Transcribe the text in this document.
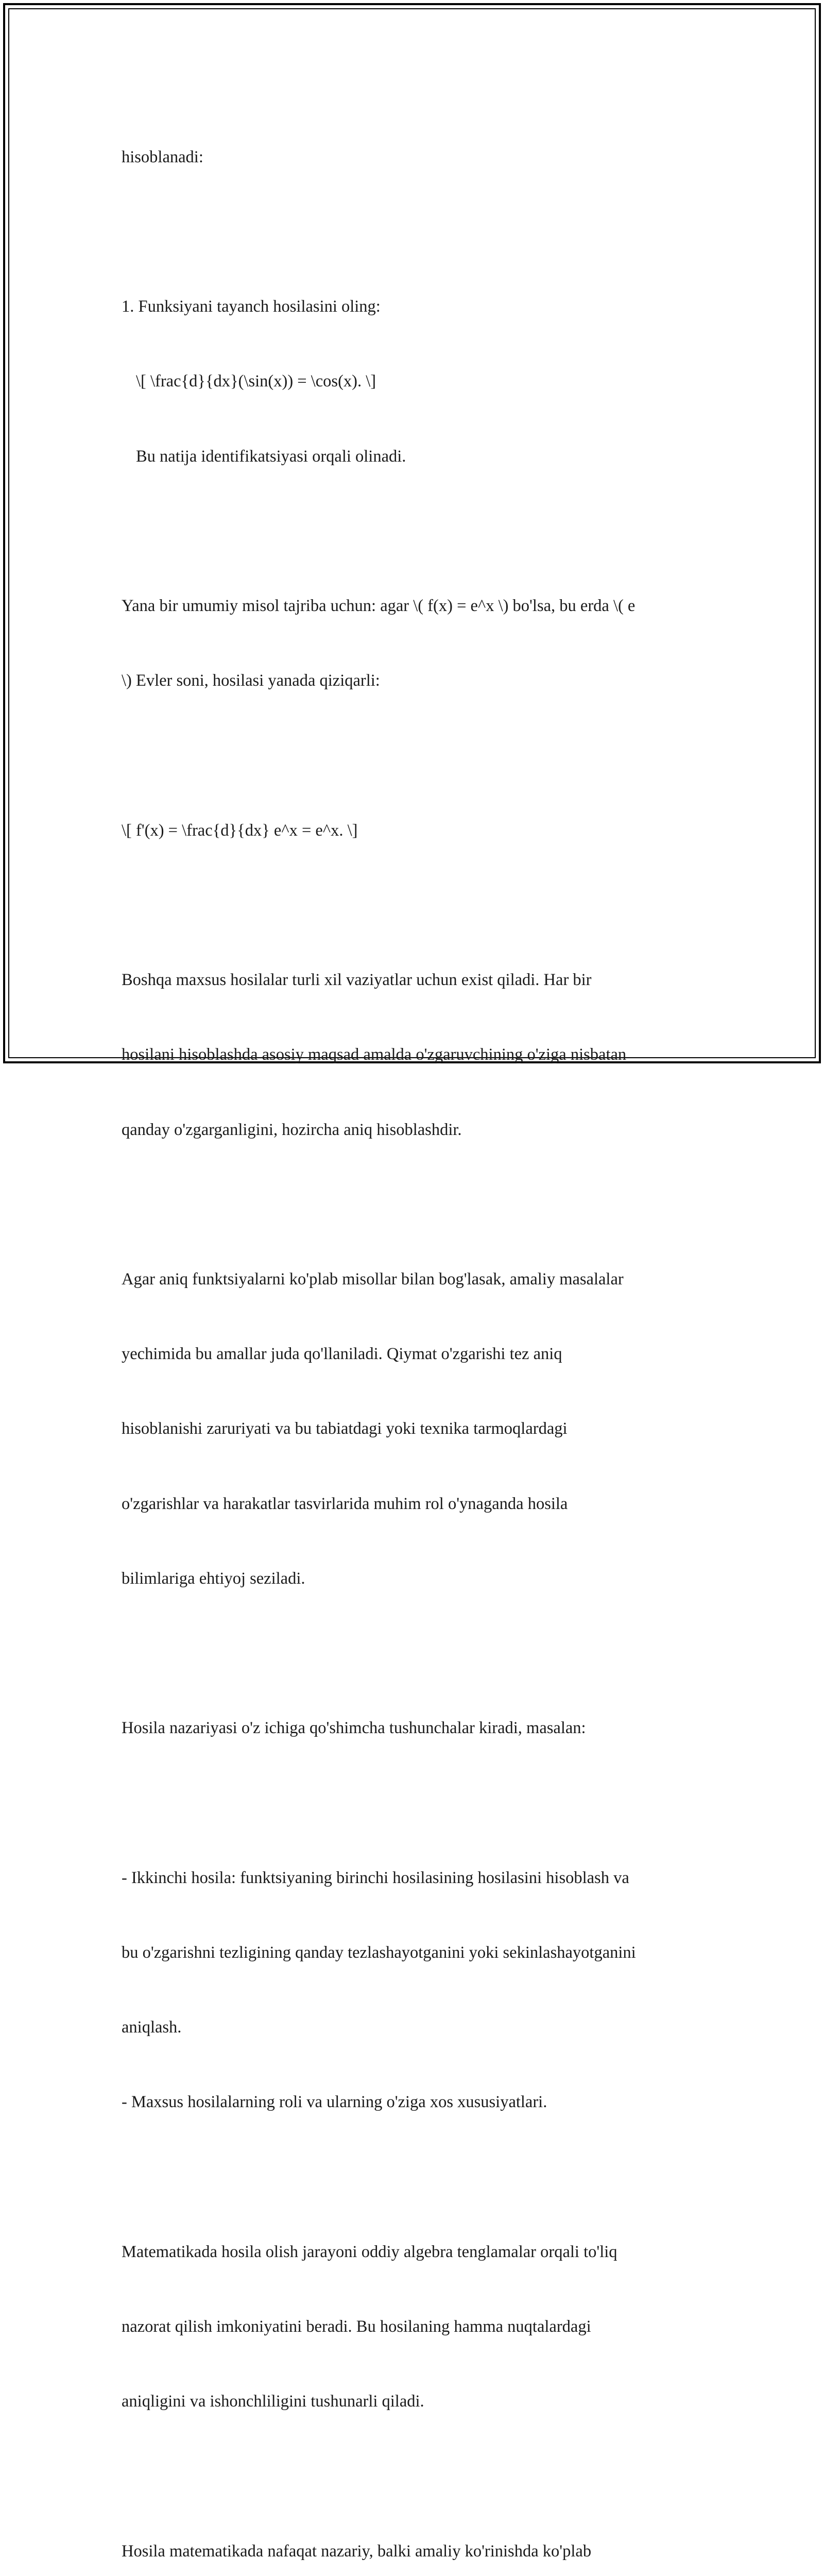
hisoblanadi:

1. Funksiyani tayanch hosilasini oling:

\[ \frac{d}{dx}(\sin(x)) = \cos(x). \]

Bu natija identifikatsiyasi orqali olinadi.

Yana bir umumiy misol tajriba uchun: agar \( f(x) = e^x \) bo'lsa, bu erda \( e

\) Evler soni, hosilasi yanada qiziqarli:

\[ f'(x) = \frac{d}{dx} e^x = e^x. \]

Boshqa maxsus hosilalar turli xil vaziyatlar uchun exist qiladi. Har bir

hosilani hisoblashda asosiy maqsad amalda o'zgaruvchining o'ziga nisbatan

qanday o'zgarganligini, hozircha aniq hisoblashdir.

Agar aniq funktsiyalarni ko'plab misollar bilan bog'lasak, amaliy masalalar

yechimida bu amallar juda qo'llaniladi. Qiymat o'zgarishi tez aniq

hisoblanishi zaruriyati va bu tabiatdagi yoki texnika tarmoqlardagi

o'zgarishlar va harakatlar tasvirlarida muhim rol o'ynaganda hosila

bilimlariga ehtiyoj seziladi.

Hosila nazariyasi o'z ichiga qo'shimcha tushunchalar kiradi, masalan:

- Ikkinchi hosila: funktsiyaning birinchi hosilasining hosilasini hisoblash va

bu o'zgarishni tezligining qanday tezlashayotganini yoki sekinlashayotganini

aniqlash.

- Maxsus hosilalarning roli va ularning o'ziga xos xususiyatlari.

Matematikada hosila olish jarayoni oddiy algebra tenglamalar orqali to'liq

nazorat qilish imkoniyatini beradi. Bu hosilaning hamma nuqtalardagi

aniqligini va ishonchliligini tushunarli qiladi.

Hosila matematikada nafaqat nazariy, balki amaliy ko'rinishda ko'plab
